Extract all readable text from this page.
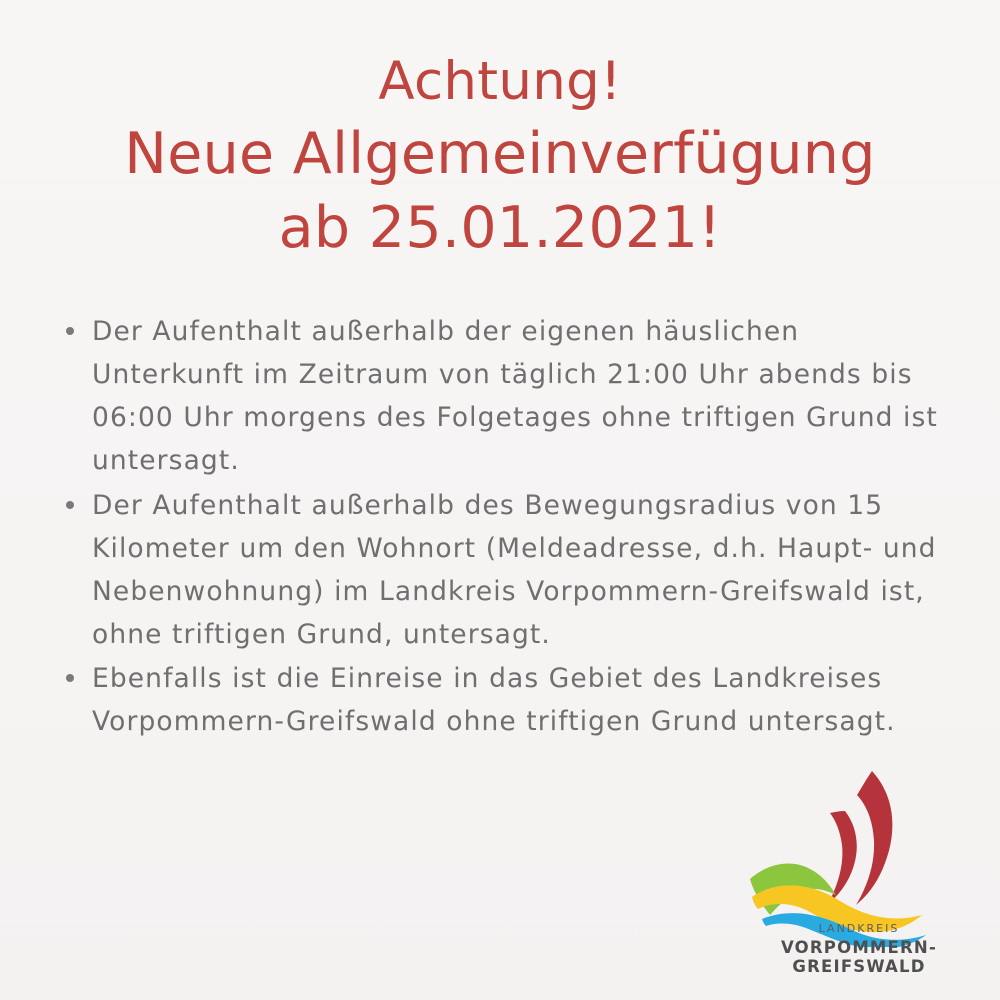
Achtung!
Neue Allgemeinverfügung
ab 25.01.2021!
Der Aufenthalt außerhalb der eigenen häuslichen Unterkunft im Zeitraum von täglich 21:00 Uhr abends bis 06:00 Uhr morgens des Folgetages ohne triftigen Grund ist untersagt.
Der Aufenthalt außerhalb des Bewegungsradius von 15 Kilometer um den Wohnort (Meldeadresse, d.h. Haupt- und Nebenwohnung) im Landkreis Vorpommern-Greifswald ist, ohne triftigen Grund, untersagt.
Ebenfalls ist die Einreise in das Gebiet des Landkreises Vorpommern-Greifswald ohne triftigen Grund untersagt.
LANDKREIS
VORPOMMERN-GREIFSWALD
